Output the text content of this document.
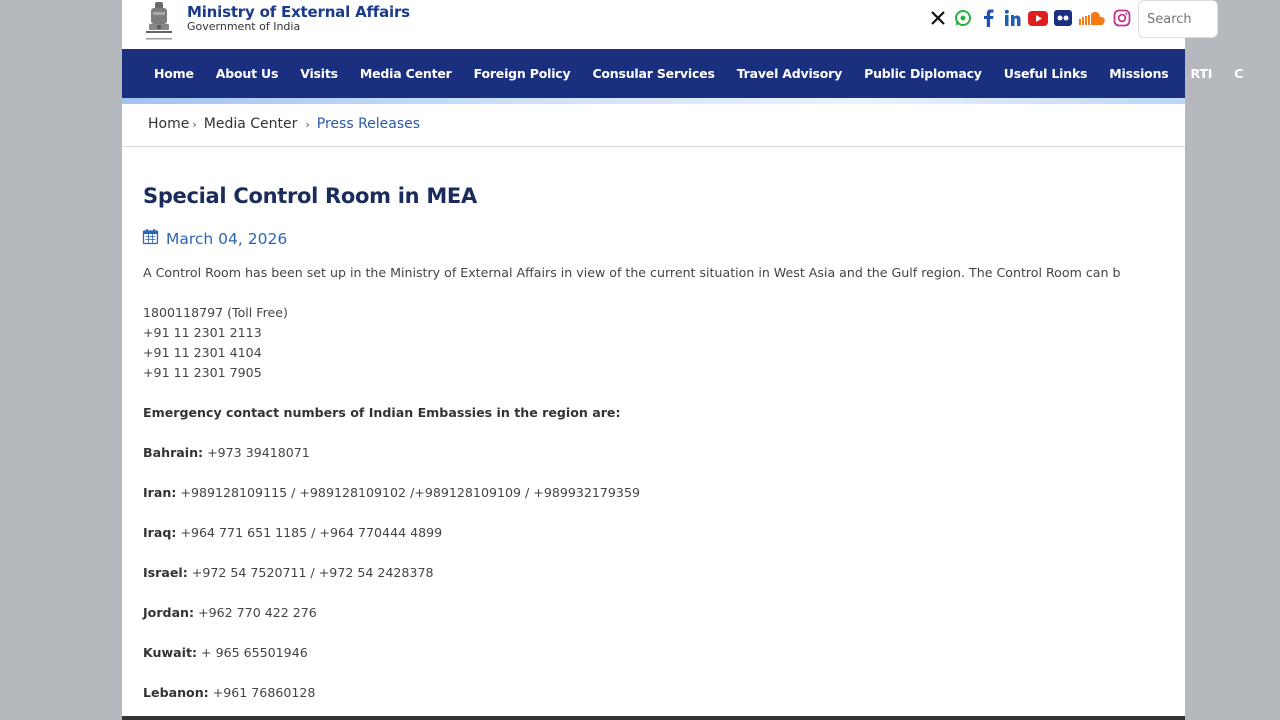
Ministry of External Affairs
Government of India
Search
Home	About Us	Visits	Media Center	Foreign Policy	Consular Services	Travel Advisory	Public Diplomacy	Useful Links	Missions	RTI	C
Home › Media Center › Press Releases
Special Control Room in MEA
March 04, 2026
A Control Room has been set up in the Ministry of External Affairs in view of the current situation in West Asia and the Gulf region. The Control Room can b
1800118797 (Toll Free)
+91 11 2301 2113
+91 11 2301 4104
+91 11 2301 7905
Emergency contact numbers of Indian Embassies in the region are:
Bahrain: +973 39418071
Iran: +989128109115 / +989128109102 /+989128109109 / +989932179359
Iraq: +964 771 651 1185 / +964 770444 4899
Israel: +972 54 7520711 / +972 54 2428378
Jordan: +962 770 422 276
Kuwait: + 965 65501946
Lebanon: +961 76860128
